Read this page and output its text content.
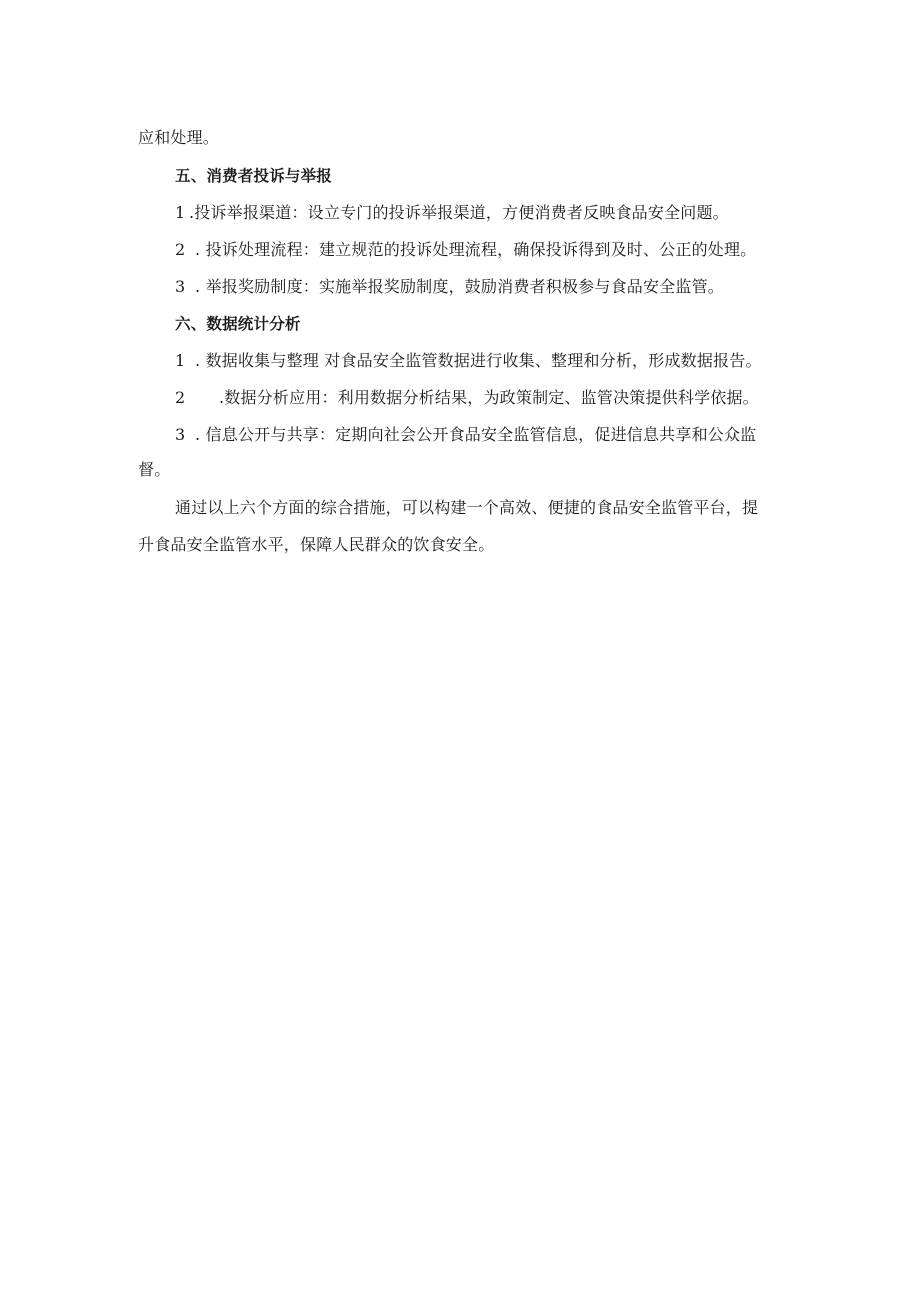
应和处理。
五、消费者投诉与举报
1 .投诉举报渠道：设立专门的投诉举报渠道，方便消费者反映食品安全问题。
2 . 投诉处理流程：建立规范的投诉处理流程，确保投诉得到及时、公正的处理。
3 . 举报奖励制度：实施举报奖励制度，鼓励消费者积极参与食品安全监管。
六、数据统计分析
1 . 数据收集与整理 对食品安全监管数据进行收集、整理和分析，形成数据报告。
2 .数据分析应用：利用数据分析结果，为政策制定、监管决策提供科学依据。
3 . 信息公开与共享：定期向社会公开食品安全监管信息，促进信息共享和公众监
督。
通过以上六个方面的综合措施，可以构建一个高效、便捷的食品安全监管平台，提
升食品安全监管水平，保障人民群众的饮食安全。
